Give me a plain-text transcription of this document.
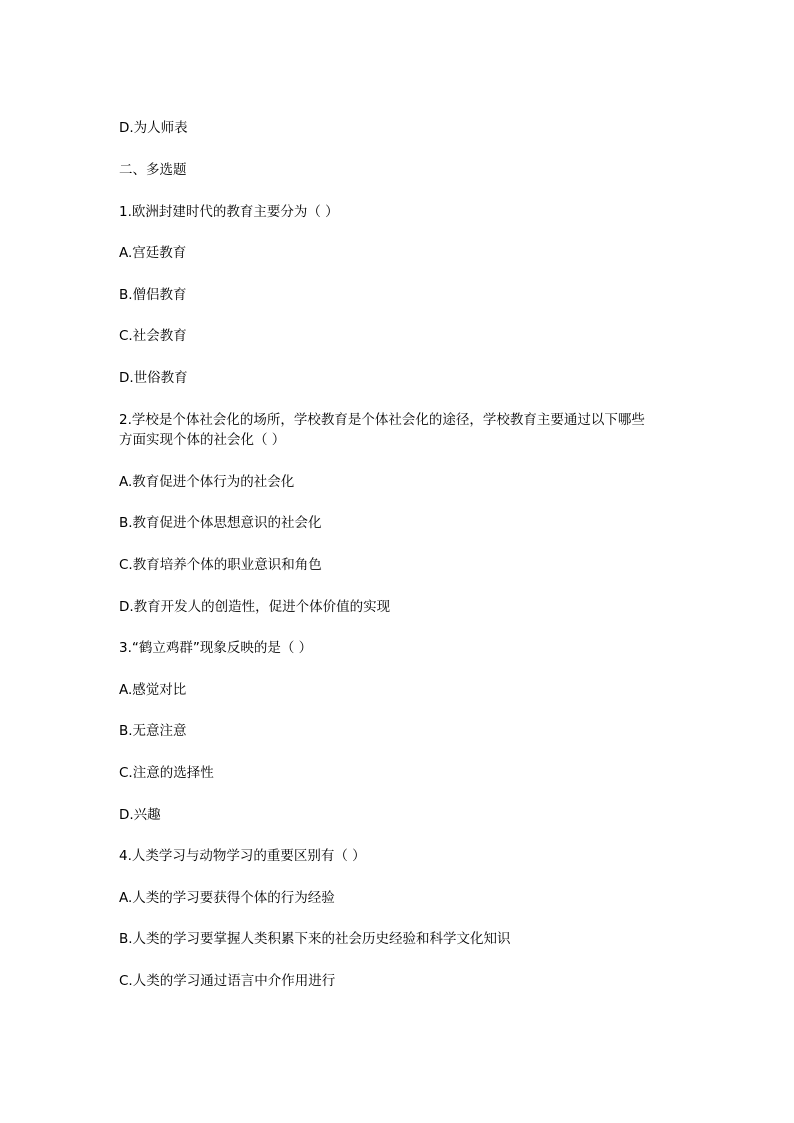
D.为人师表
二、多选题
1.欧洲封建时代的教育主要分为（ ）
A.宫廷教育
B.僧侣教育
C.社会教育
D.世俗教育
2.学校是个体社会化的场所，学校教育是个体社会化的途径，学校教育主要通过以下哪些
方面实现个体的社会化（ ）
A.教育促进个体行为的社会化
B.教育促进个体思想意识的社会化
C.教育培养个体的职业意识和角色
D.教育开发人的创造性，促进个体价值的实现
3.“鹤立鸡群”现象反映的是（ ）
A.感觉对比
B.无意注意
C.注意的选择性
D.兴趣
4.人类学习与动物学习的重要区别有（ ）
A.人类的学习要获得个体的行为经验
B.人类的学习要掌握人类积累下来的社会历史经验和科学文化知识
C.人类的学习通过语言中介作用进行
